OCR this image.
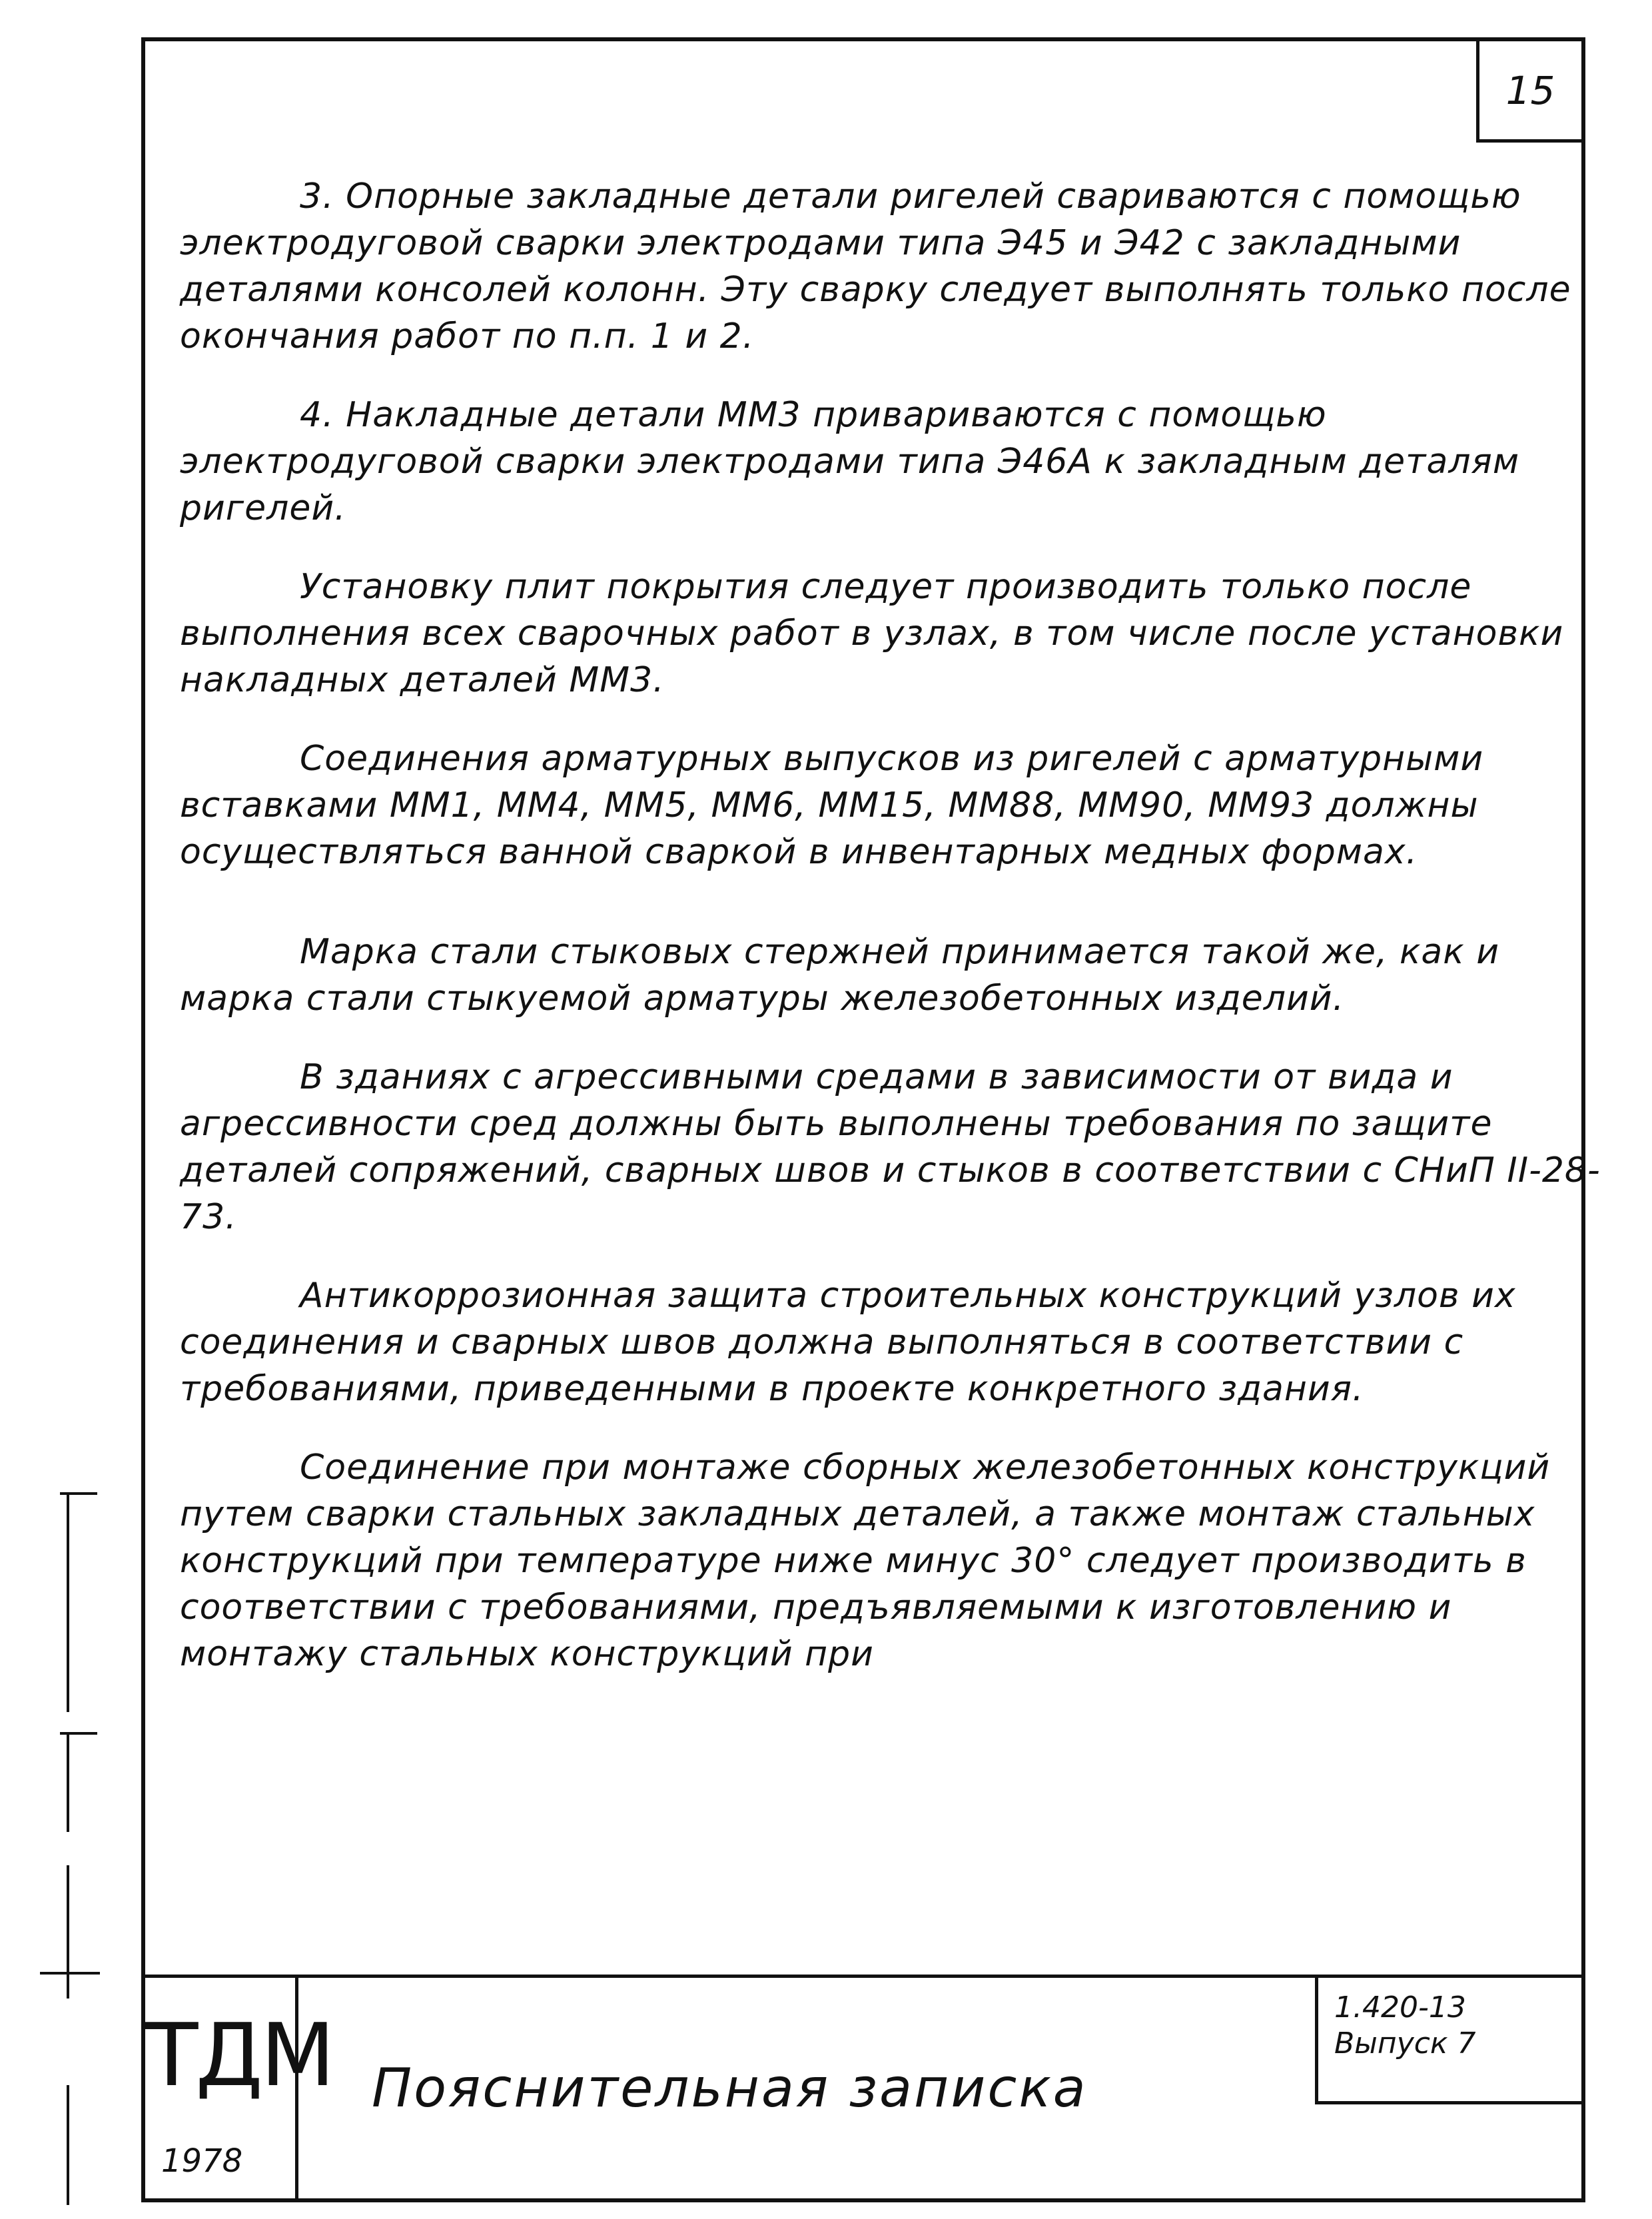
15
ТДМ
1978
Пояснительная записка
1.420-13
Выпуск 7

3. Опорные закладные детали ригелей свариваются с помощью электродуговой сварки электродами типа Э45 и Э42 с закладными деталями консолей колонн. Эту сварку следует выполнять только после окончания работ по п.п. 1 и 2.

4. Накладные детали ММ3 привариваются с помощью электродуговой сварки электродами типа Э46А к закладным деталям ригелей.

Установку плит покрытия следует производить только после выполнения всех сварочных работ в узлах, в том числе после установки накладных деталей ММ3.

Соединения арматурных выпусков из ригелей с арматурными вставками ММ1, ММ4, ММ5, ММ6, ММ15, ММ88, ММ90, ММ93 должны осуществляться ванной сваркой в инвентарных медных формах.

Марка стали стыковых стержней принимается такой же, как и марка стали стыкуемой арматуры железобетонных изделий.

В зданиях с агрессивными средами в зависимости от вида и агрессивности сред должны быть выполнены требования по защите деталей сопряжений, сварных швов и стыков в соответствии с СНиП II-28-73.

Антикоррозионная защита строительных конструкций узлов их соединения и сварных швов должна выполняться в соответствии с требованиями, приведенными в проекте конкретного здания.

Соединение при монтаже сборных железобетонных конструкций путем сварки стальных закладных деталей, а также монтаж стальных конструкций при температуре ниже минус 30° следует производить в соответствии с требованиями, предъявляемыми к изготовлению и монтажу стальных конструкций при
